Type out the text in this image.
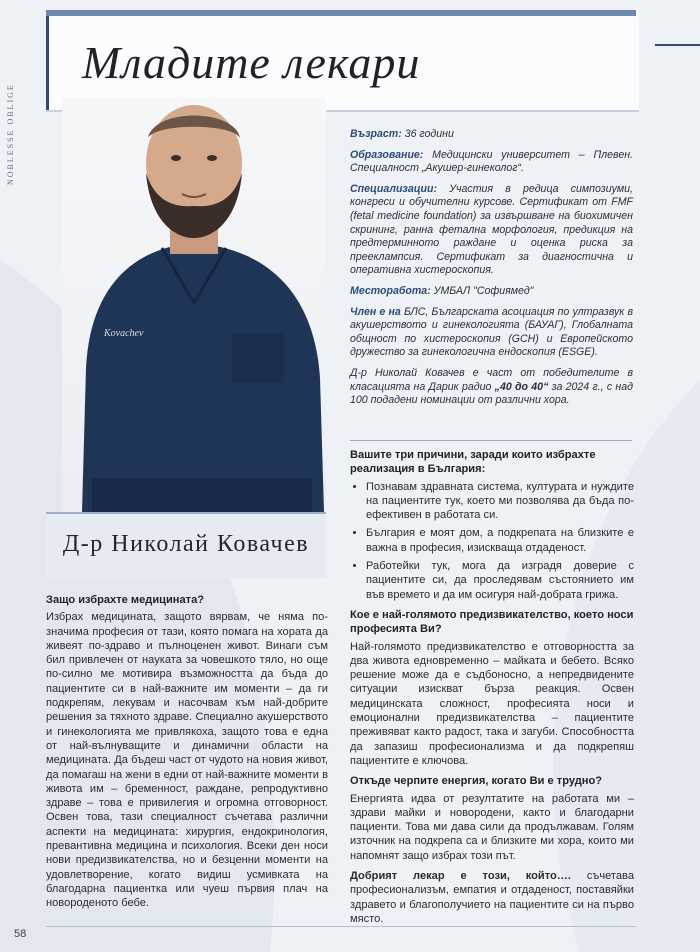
NOBLESSE OBLIGE
Младите лекари
Kovachev
Д-р Николай Ковачев

Възраст: 36 години

Образование: Медицински университет – Плевен. Специалност „Акушер-гинеколог“.

Специализации: Участия в редица симпозиуми, конгреси и обучителни курсове. Сертификат от FMF (fetal medicine foundation) за извършване на биохимичен скрининг, ранна фетална морфология, предикция на предтерминното раждане и оценка риска за прееклампсия. Сертификат за диагностична и оперативна хистероскопия.

Месторабота: УМБАЛ "Софиямед"

Член е на БЛС, Българската асоциация по ултразвук в акушерството и гинекологията (БАУАГ), Глобалната общност по хистероскопия (GCH) и Европейското дружество за гинекологична ендоскопия (ESGE).

Д-р Николай Ковачев е част от победителите в класацията на Дарик радио „40 до 40“ за 2024 г., с над 100 подадени номинации от различни хора.

Защо избрахте медицината?

Избрах медицината, защото вярвам, че няма по-значима професия от тази, която помага на хората да живеят по-здраво и пълноценен живот. Винаги съм бил привлечен от науката за човешкото тяло, но още по-силно ме мотивира възможността да бъда до пациентите си в най-важните им моменти – да ги подкрепям, лекувам и насочвам към най-добрите решения за тяхното здраве. Специално акушерството и гинекологията ме привлякоха, защото това е една от най-вълнуващите и динамични области на медицината. Да бъдеш част от чудото на новия живот, да помагаш на жени в едни от най-важните моменти в живота им – бременност, раждане, репродуктивно здраве – това е привилегия и огромна отговорност. Освен това, тази специалност съчетава различни аспекти на медицината: хирургия, ендокринология, превантивна медицина и психология. Всеки ден носи нови предизвикателства, но и безценни моменти на удовлетворение, когато видиш усмивката на благодарна пациентка или чуеш първия плач на новороденото бебе.

Вашите три причини, заради които избрахте реализация в България:

• Познавам здравната система, културата и нуждите на пациентите тук, което ми позволява да бъда по-ефективен в работата си.
• България е моят дом, а подкрепата на близките е важна в професия, изискваща отдаденост.
• Работейки тук, мога да изградя доверие с пациентите си, да проследявам състоянието им във времето и да им осигуря най-добрата грижа.

Кое е най-голямото предизвикателство, което носи професията Ви?

Най-голямото предизвикателство е отговорността за два живота едновременно – майката и бебето. Всяко решение може да е съдбоносно, а непредвидените ситуации изискват бърза реакция. Освен медицинската сложност, професията носи и емоционални предизвикателства – пациентите преживяват както радост, така и загуби. Способността да запазиш професионализма и да подкрепяш пациентите е ключова.

Откъде черпите енергия, когато Ви е трудно?

Енергията идва от резултатите на работата ми – здрави майки и новородени, както и благодарни пациенти. Това ми дава сили да продължавам. Голям източник на подкрепа са и близките ми хора, които ми напомнят защо избрах този път.

Добрият лекар е този, който…. съчетава професионализъм, емпатия и отдаденост, поставяйки здравето и благополучието на пациентите си на първо място.

58
